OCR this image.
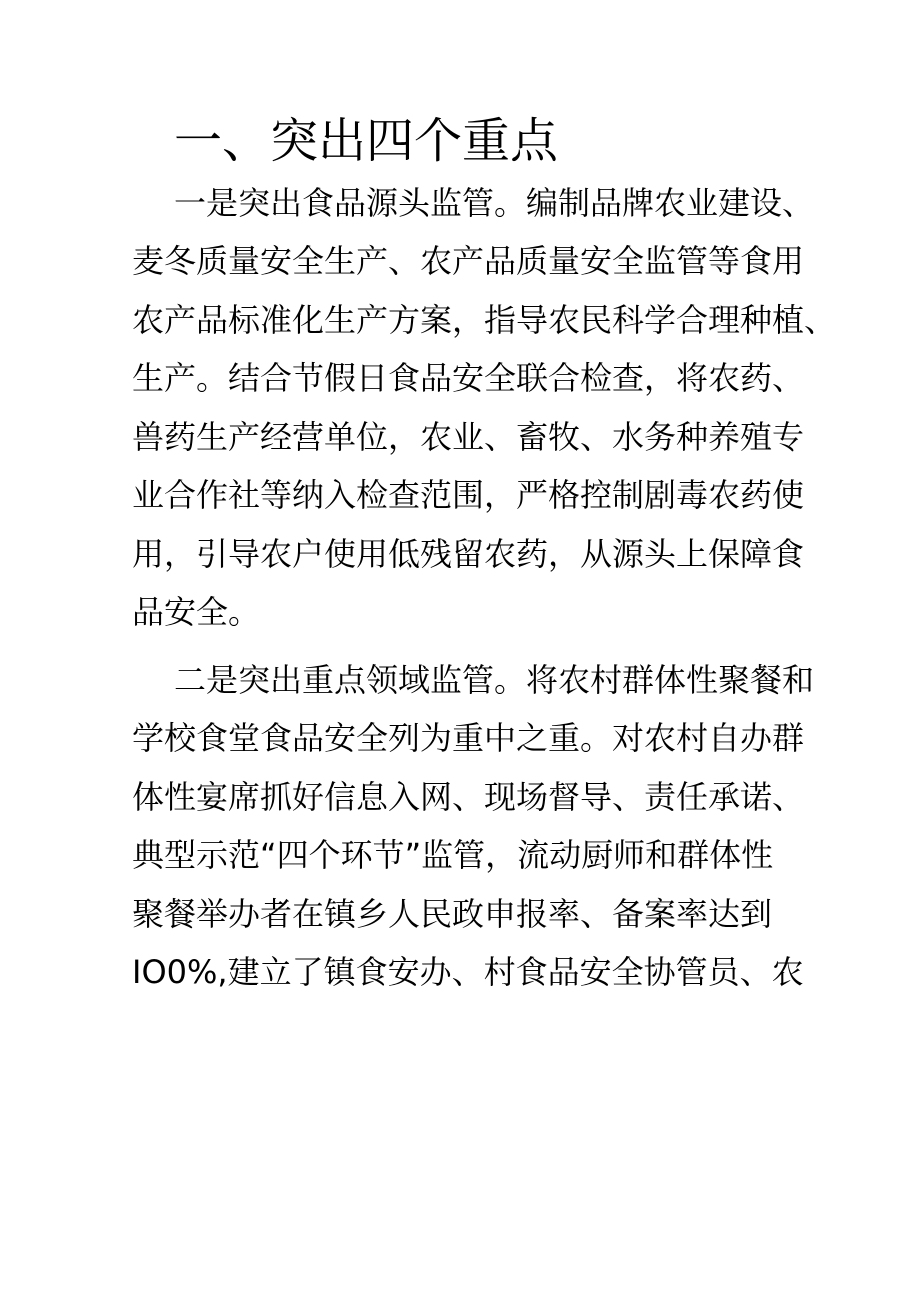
一、突出四个重点

一是突出食品源头监管。编制品牌农业建设、
麦冬质量安全生产、农产品质量安全监管等食用
农产品标准化生产方案，指导农民科学合理种植、
生产。结合节假日食品安全联合检查，将农药、
兽药生产经营单位，农业、畜牧、水务种养殖专
业合作社等纳入检查范围，严格控制剧毒农药使
用，引导农户使用低残留农药，从源头上保障食
品安全。

二是突出重点领域监管。将农村群体性聚餐和
学校食堂食品安全列为重中之重。对农村自办群
体性宴席抓好信息入网、现场督导、责任承诺、
典型示范“四个环节”监管，流动厨师和群体性
聚餐举办者在镇乡人民政申报率、备案率达到
IO0%,建立了镇食安办、村食品安全协管员、农
